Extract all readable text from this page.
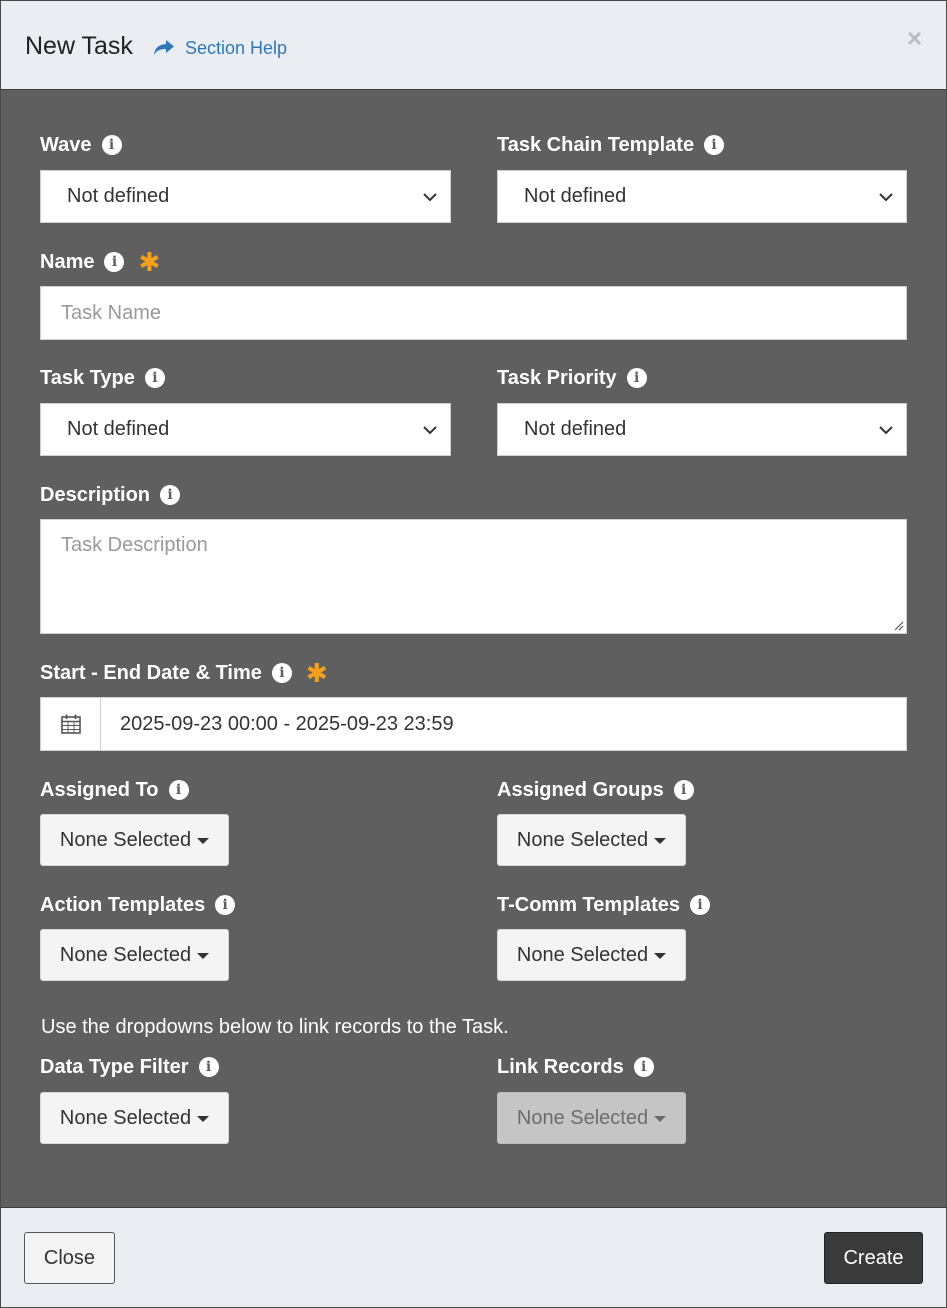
New Task	Section Help	×
Wave	i
Not defined
Task Chain Template	i
Not defined
Name	i ✱
Task Name
Task Type	i
Not defined
Task Priority	i
Not defined
Description	i
Task Description
Start - End Date & Time	i ✱
2025-09-23 00:00 - 2025-09-23 23:59
Assigned To	i
None Selected
Assigned Groups	i
None Selected
Action Templates	i
None Selected
T-Comm Templates	i
None Selected
Use the dropdowns below to link records to the Task.
Data Type Filter	i
None Selected
Link Records	i
None Selected
Close	Create
